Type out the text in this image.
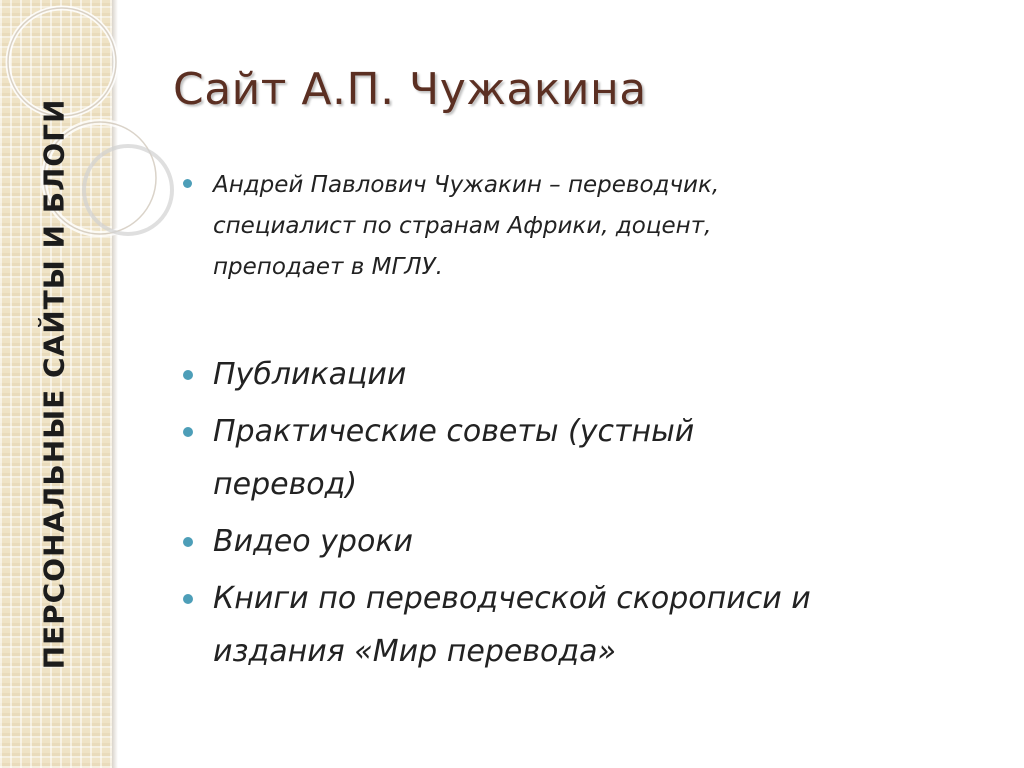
ПЕРСОНАЛЬНЫЕ САЙТЫ И БЛОГИ
Сайт А.П. Чужакина
Андрей Павлович Чужакин – переводчик, специалист по странам Африки, доцент, преподает в МГЛУ.
Публикации
Практические советы (устный перевод)
Видео уроки
Книги по переводческой скорописи и издания «Мир перевода»
